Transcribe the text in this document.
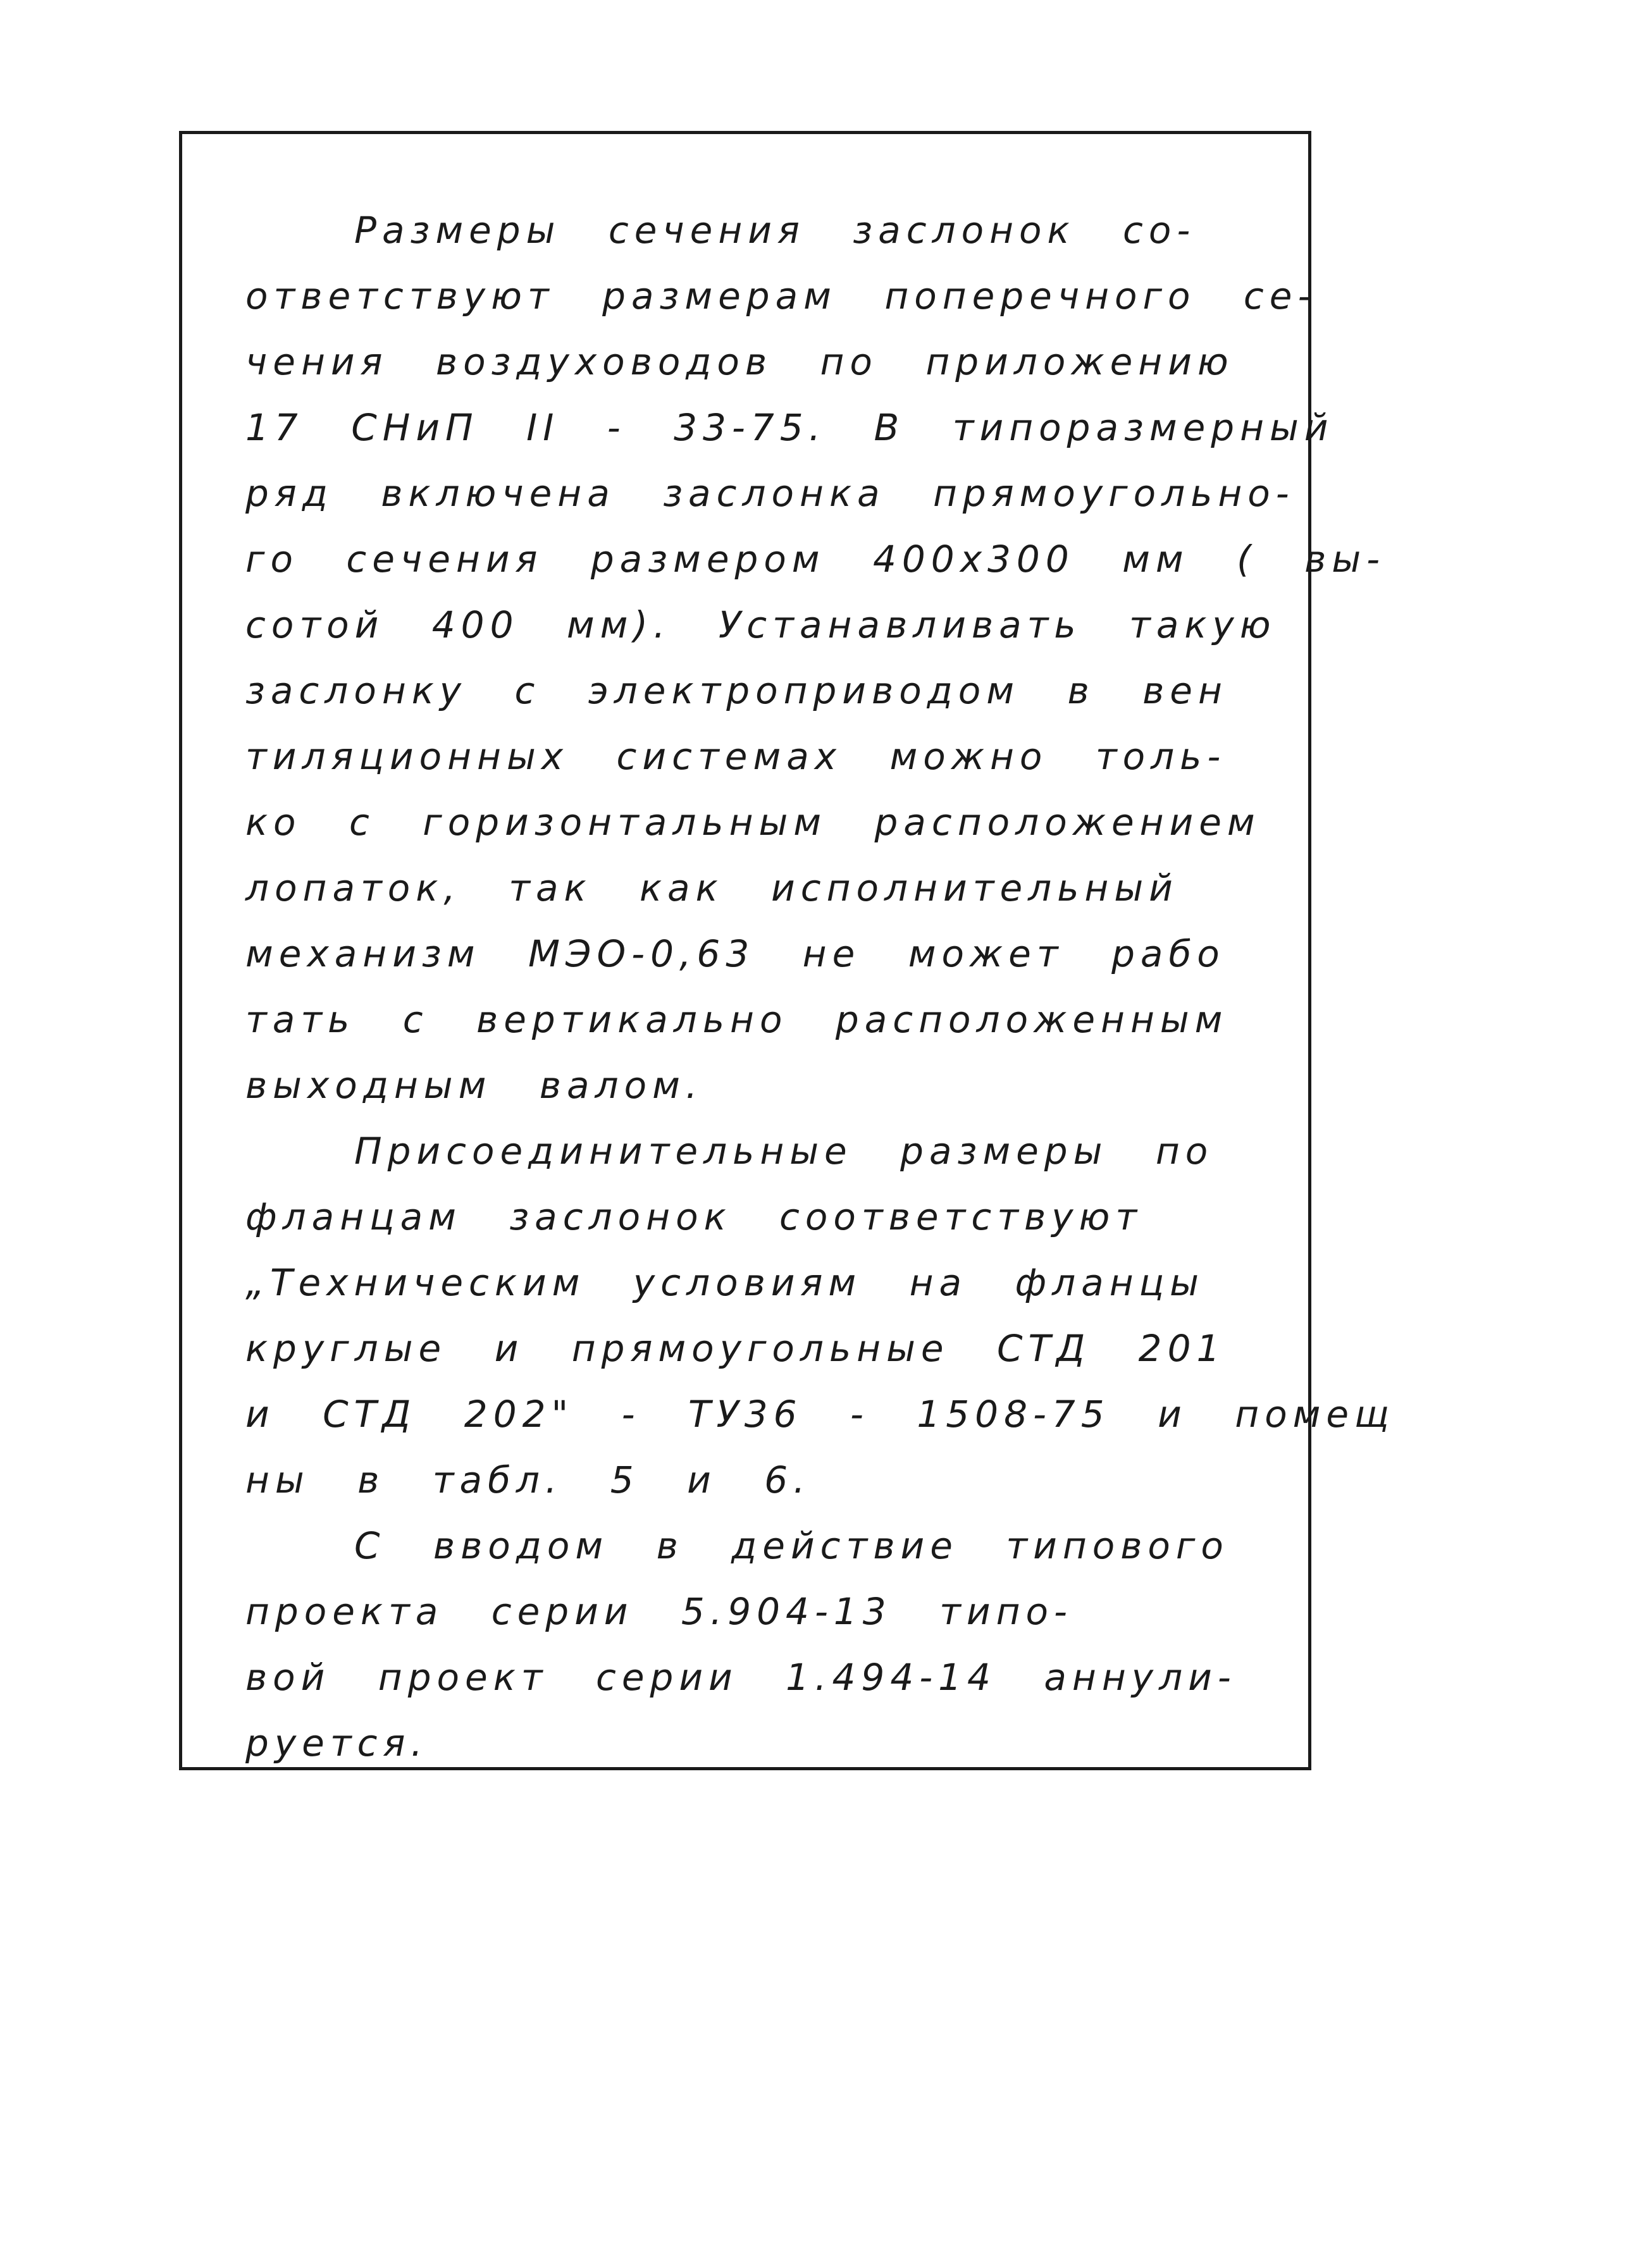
Размеры сечения заслонок со-
ответствуют размерам поперечного се-
чения воздуховодов по приложению
17 СНиП II - 33-75. В типоразмерный
ряд включена заслонка прямоугольно-
го сечения размером 400х300 мм ( вы-
сотой 400 мм). Устанавливать такую
заслонку с электроприводом в вен
тиляционных системах можно толь-
ко с горизонтальным расположением
лопаток, так как исполнительный
механизм МЭО-0,63 не может рабо
тать с вертикально расположенным
выходным валом.
Присоединительные размеры по
фланцам заслонок соответствуют
„Техническим условиям на фланцы
круглые и прямоугольные СТД 201
и СТД 202" - ТУ36 - 1508-75 и помещ
ны в табл. 5 и 6.
С вводом в действие типового
проекта серии 5.904-13 типо-
вой проект серии 1.494-14 аннули-
руется.
